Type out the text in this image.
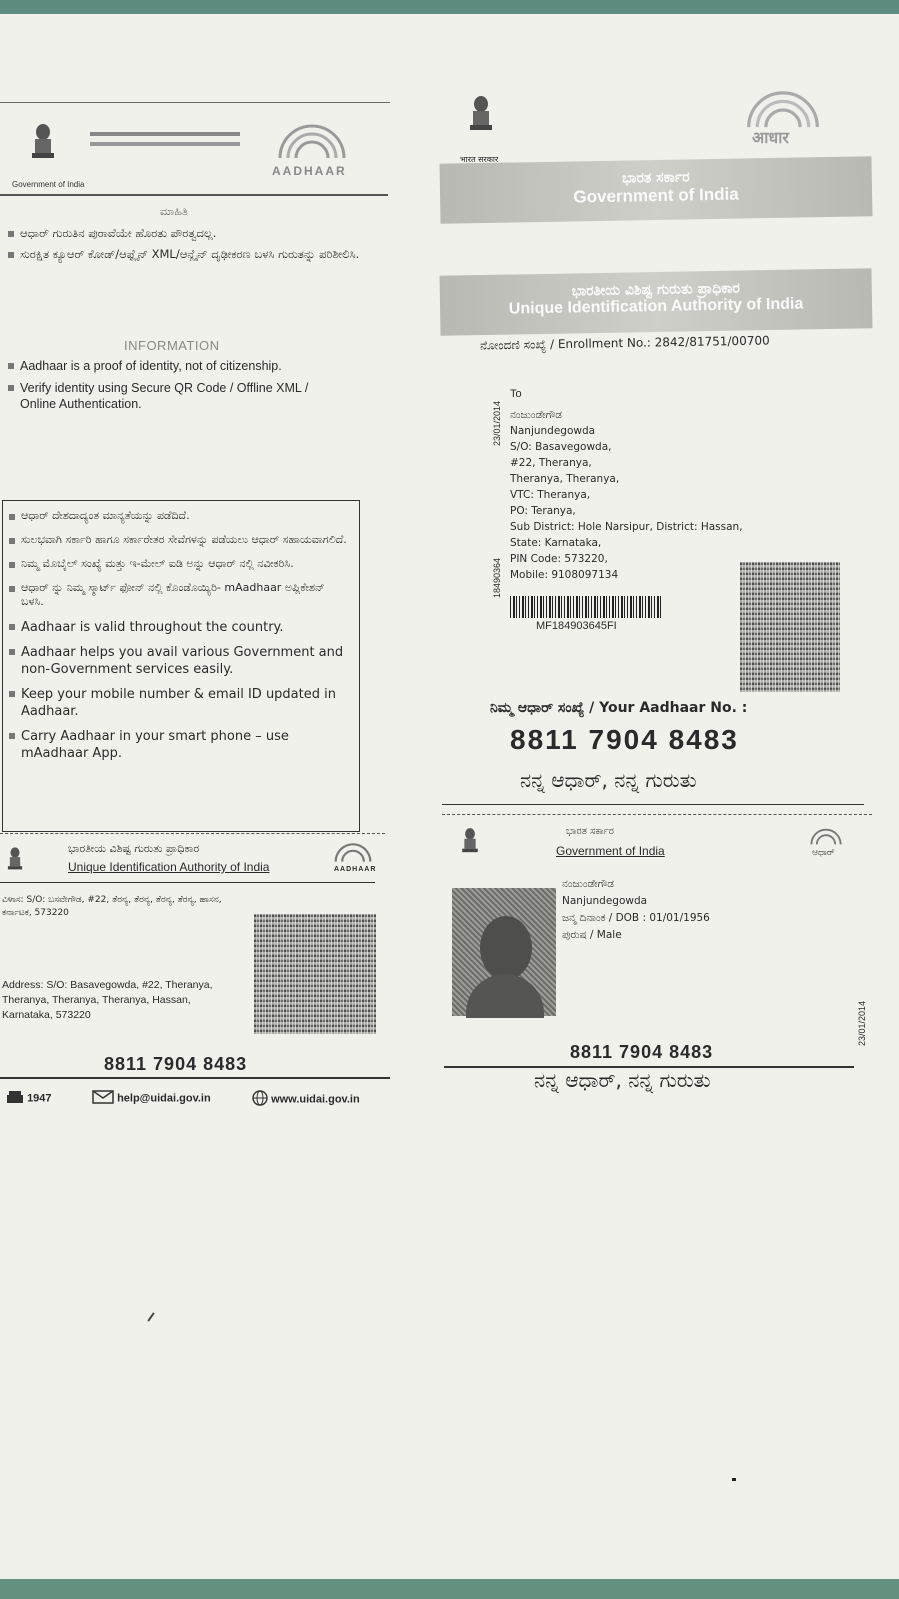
Government of India
AADHAAR
ಮಾಹಿತಿ
ಆಧಾರ್ ಗುರುತಿನ ಪುರಾವೆಯೇ ಹೊರತು ಪೌರತ್ವದಲ್ಲ.
ಸುರಕ್ಷಿತ ಕ್ಯೂಆರ್ ಕೋಡ್/ಆಫ್ಲೈನ್ XML/ಆನ್ಲೈನ್ ದೃಢೀಕರಣ ಬಳಸಿ ಗುರುತನ್ನು ಪರಿಶೀಲಿಸಿ.
INFORMATION
Aadhaar is a proof of identity, not of citizenship.
Verify identity using Secure QR Code / Offline XML / Online Authentication.
ಆಧಾರ್ ದೇಶದಾದ್ಯಂತ ಮಾನ್ಯತೆಯನ್ನು ಪಡೆದಿದೆ.
ಸುಲಭವಾಗಿ ಸರ್ಕಾರಿ ಹಾಗೂ ಸರ್ಕಾರೇತರ ಸೇವೆಗಳನ್ನು ಪಡೆಯಲು ಆಧಾರ್ ಸಹಾಯವಾಗಲಿದೆ.
ನಿಮ್ಮ ಮೊಬೈಲ್ ಸಂಖ್ಯೆ ಮತ್ತು ಇ-ಮೇಲ್ ಐಡಿ ಅನ್ನು ಆಧಾರ್ ನಲ್ಲಿ ನವೀಕರಿಸಿ.
ಆಧಾರ್ ನ್ನು ನಿಮ್ಮ ಸ್ಮಾರ್ಟ್ ಫೋನ್ ನಲ್ಲಿ ಕೊಂಡೊಯ್ಯಿರಿ- mAadhaar ಅಪ್ಲಿಕೇಶನ್ ಬಳಸಿ.
Aadhaar is valid throughout the country.
Aadhaar helps you avail various Government and non-Government services easily.
Keep your mobile number & email ID updated in Aadhaar.
Carry Aadhaar in your smart phone – use mAadhaar App.
ಭಾರತೀಯ ವಿಶಿಷ್ಟ ಗುರುತು ಪ್ರಾಧಿಕಾರ
Unique Identification Authority of India	AADHAAR
ವಿಳಾಸ: S/O: ಬಸವೇಗೌಡ, #22, ತೆರನ್ಯ, ತೆರನ್ಯ, ತೆರನ್ಯ, ತೆರನ್ಯ, ಹಾಸನ, ಕರ್ನಾಟಕ, 573220
Address: S/O: Basavegowda, #22, Theranya, Theranya, Theranya, Theranya, Hassan, Karnataka, 573220
8811 7904 8483
1947	help@uidai.gov.in	www.uidai.gov.in
भारत सरकार
आधार
ಭಾರತ ಸರ್ಕಾರ
Government of India
ಭಾರತೀಯ ವಿಶಿಷ್ಟ ಗುರುತು ಪ್ರಾಧಿಕಾರ
Unique Identification Authority of India
ನೋಂದಣಿ ಸಂಖ್ಯೆ / Enrollment No.: 2842/81751/00700
23/01/2014
18490364
To
ನಂಜುಂಡೇಗೌಡ
Nanjundegowda
S/O: Basavegowda,
#22, Theranya,
Theranya, Theranya,
VTC: Theranya,
PO: Teranya,
Sub District: Hole Narsipur, District: Hassan,
State: Karnataka,
PIN Code: 573220,
Mobile: 9108097134
MF184903645FI
ನಿಮ್ಮ ಆಧಾರ್ ಸಂಖ್ಯೆ / Your Aadhaar No. :
8811 7904 8483
ನನ್ನ ಆಧಾರ್, ನನ್ನ ಗುರುತು
ಭಾರತ ಸರ್ಕಾರ
Government of India	ಆಧಾರ್
ನಂಜುಂಡೇಗೌಡ
Nanjundegowda
ಜನ್ಮ ದಿನಾಂಕ / DOB : 01/01/1956
ಪುರುಷ / Male
23/01/2014
8811 7904 8483
ನನ್ನ ಆಧಾರ್, ನನ್ನ ಗುರುತು
